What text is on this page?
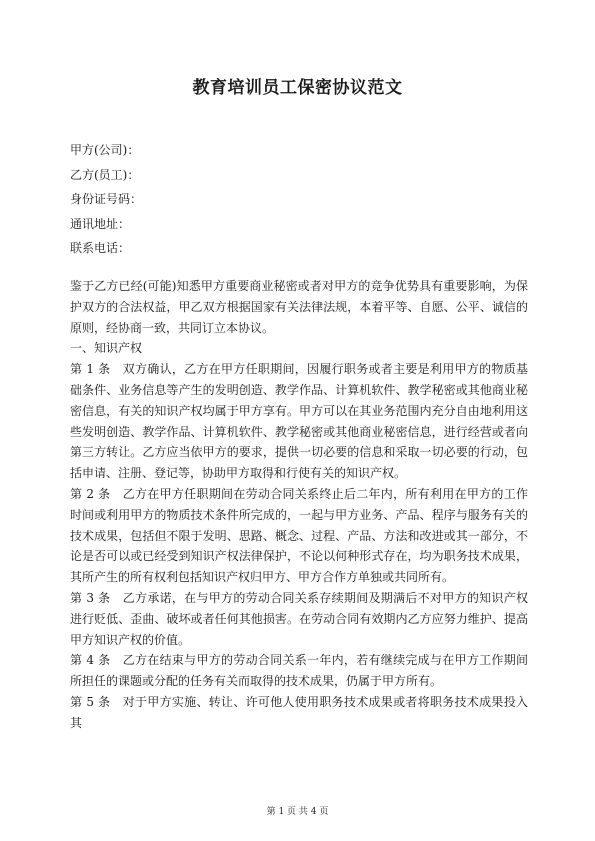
教育培训员工保密协议范文
甲方(公司)：
乙方(员工)：
身份证号码：
通讯地址：
联系电话：

鉴于乙方已经(可能)知悉甲方重要商业秘密或者对甲方的竞争优势具有重要影响，为保护双方的合法权益，甲乙双方根据国家有关法律法规，本着平等、自愿、公平、诚信的原则，经协商一致，共同订立本协议。

一、知识产权

第 1 条　双方确认，乙方在甲方任职期间，因履行职务或者主要是利用甲方的物质基础条件、业务信息等产生的发明创造、教学作品、计算机软件、教学秘密或其他商业秘密信息，有关的知识产权均属于甲方享有。甲方可以在其业务范围内充分自由地利用这些发明创造、教学作品、计算机软件、教学秘密或其他商业秘密信息，进行经营或者向第三方转让。乙方应当依甲方的要求，提供一切必要的信息和采取一切必要的行动，包括申请、注册、登记等，协助甲方取得和行使有关的知识产权。

第 2 条　乙方在甲方任职期间在劳动合同关系终止后二年内，所有利用在甲方的工作时间或利用甲方的物质技术条件所完成的，一起与甲方业务、产品、程序与服务有关的技术成果，包括但不限于发明、思路、概念、过程、产品、方法和改进或其一部分，不论是否可以或已经受到知识产权法律保护，不论以何种形式存在，均为职务技术成果，其所产生的所有权利包括知识产权归甲方、甲方合作方单独或共同所有。

第 3 条　乙方承诺，在与甲方的劳动合同关系存续期间及期满后不对甲方的知识产权进行贬低、歪曲、破坏或者任何其他损害。在劳动合同有效期内乙方应努力维护、提高甲方知识产权的价值。

第 4 条　乙方在结束与甲方的劳动合同关系一年内，若有继续完成与在甲方工作期间所担任的课题或分配的任务有关而取得的技术成果，仍属于甲方所有。

第 5 条　对于甲方实施、转让、许可他人使用职务技术成果或者将职务技术成果投入其

第 1 页 共 4 页
